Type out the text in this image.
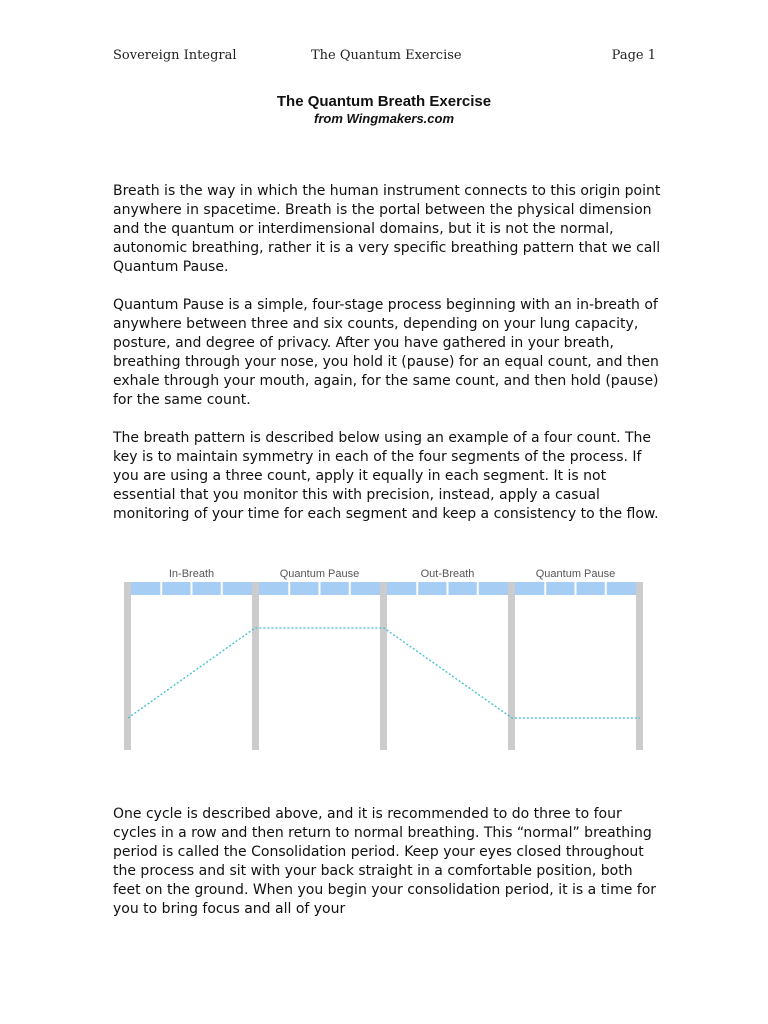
Sovereign Integral	The Quantum Exercise	Page 1
The Quantum Breath Exercise
from Wingmakers.com

Breath is the way in which the human instrument connects to this origin point anywhere in spacetime. Breath is the portal between the physical dimension and the quantum or interdimensional domains, but it is not the normal, autonomic breathing, rather it is a very specific breathing pattern that we call Quantum Pause.

Quantum Pause is a simple, four-stage process beginning with an in-breath of anywhere between three and six counts, depending on your lung capacity, posture, and degree of privacy. After you have gathered in your breath, breathing through your nose, you hold it (pause) for an equal count, and then exhale through your mouth, again, for the same count, and then hold (pause) for the same count.

The breath pattern is described below using an example of a four count. The key is to maintain symmetry in each of the four segments of the process. If you are using a three count, apply it equally in each segment. It is not essential that you monitor this with precision, instead, apply a casual monitoring of your time for each segment and keep a consistency to the flow.

In-Breath	Quantum Pause	Out-Breath	Quantum Pause

One cycle is described above, and it is recommended to do three to four cycles in a row and then return to normal breathing. This “normal” breathing period is called the Consolidation period. Keep your eyes closed throughout the process and sit with your back straight in a comfortable position, both feet on the ground. When you begin your consolidation period, it is a time for you to bring focus and all of your
